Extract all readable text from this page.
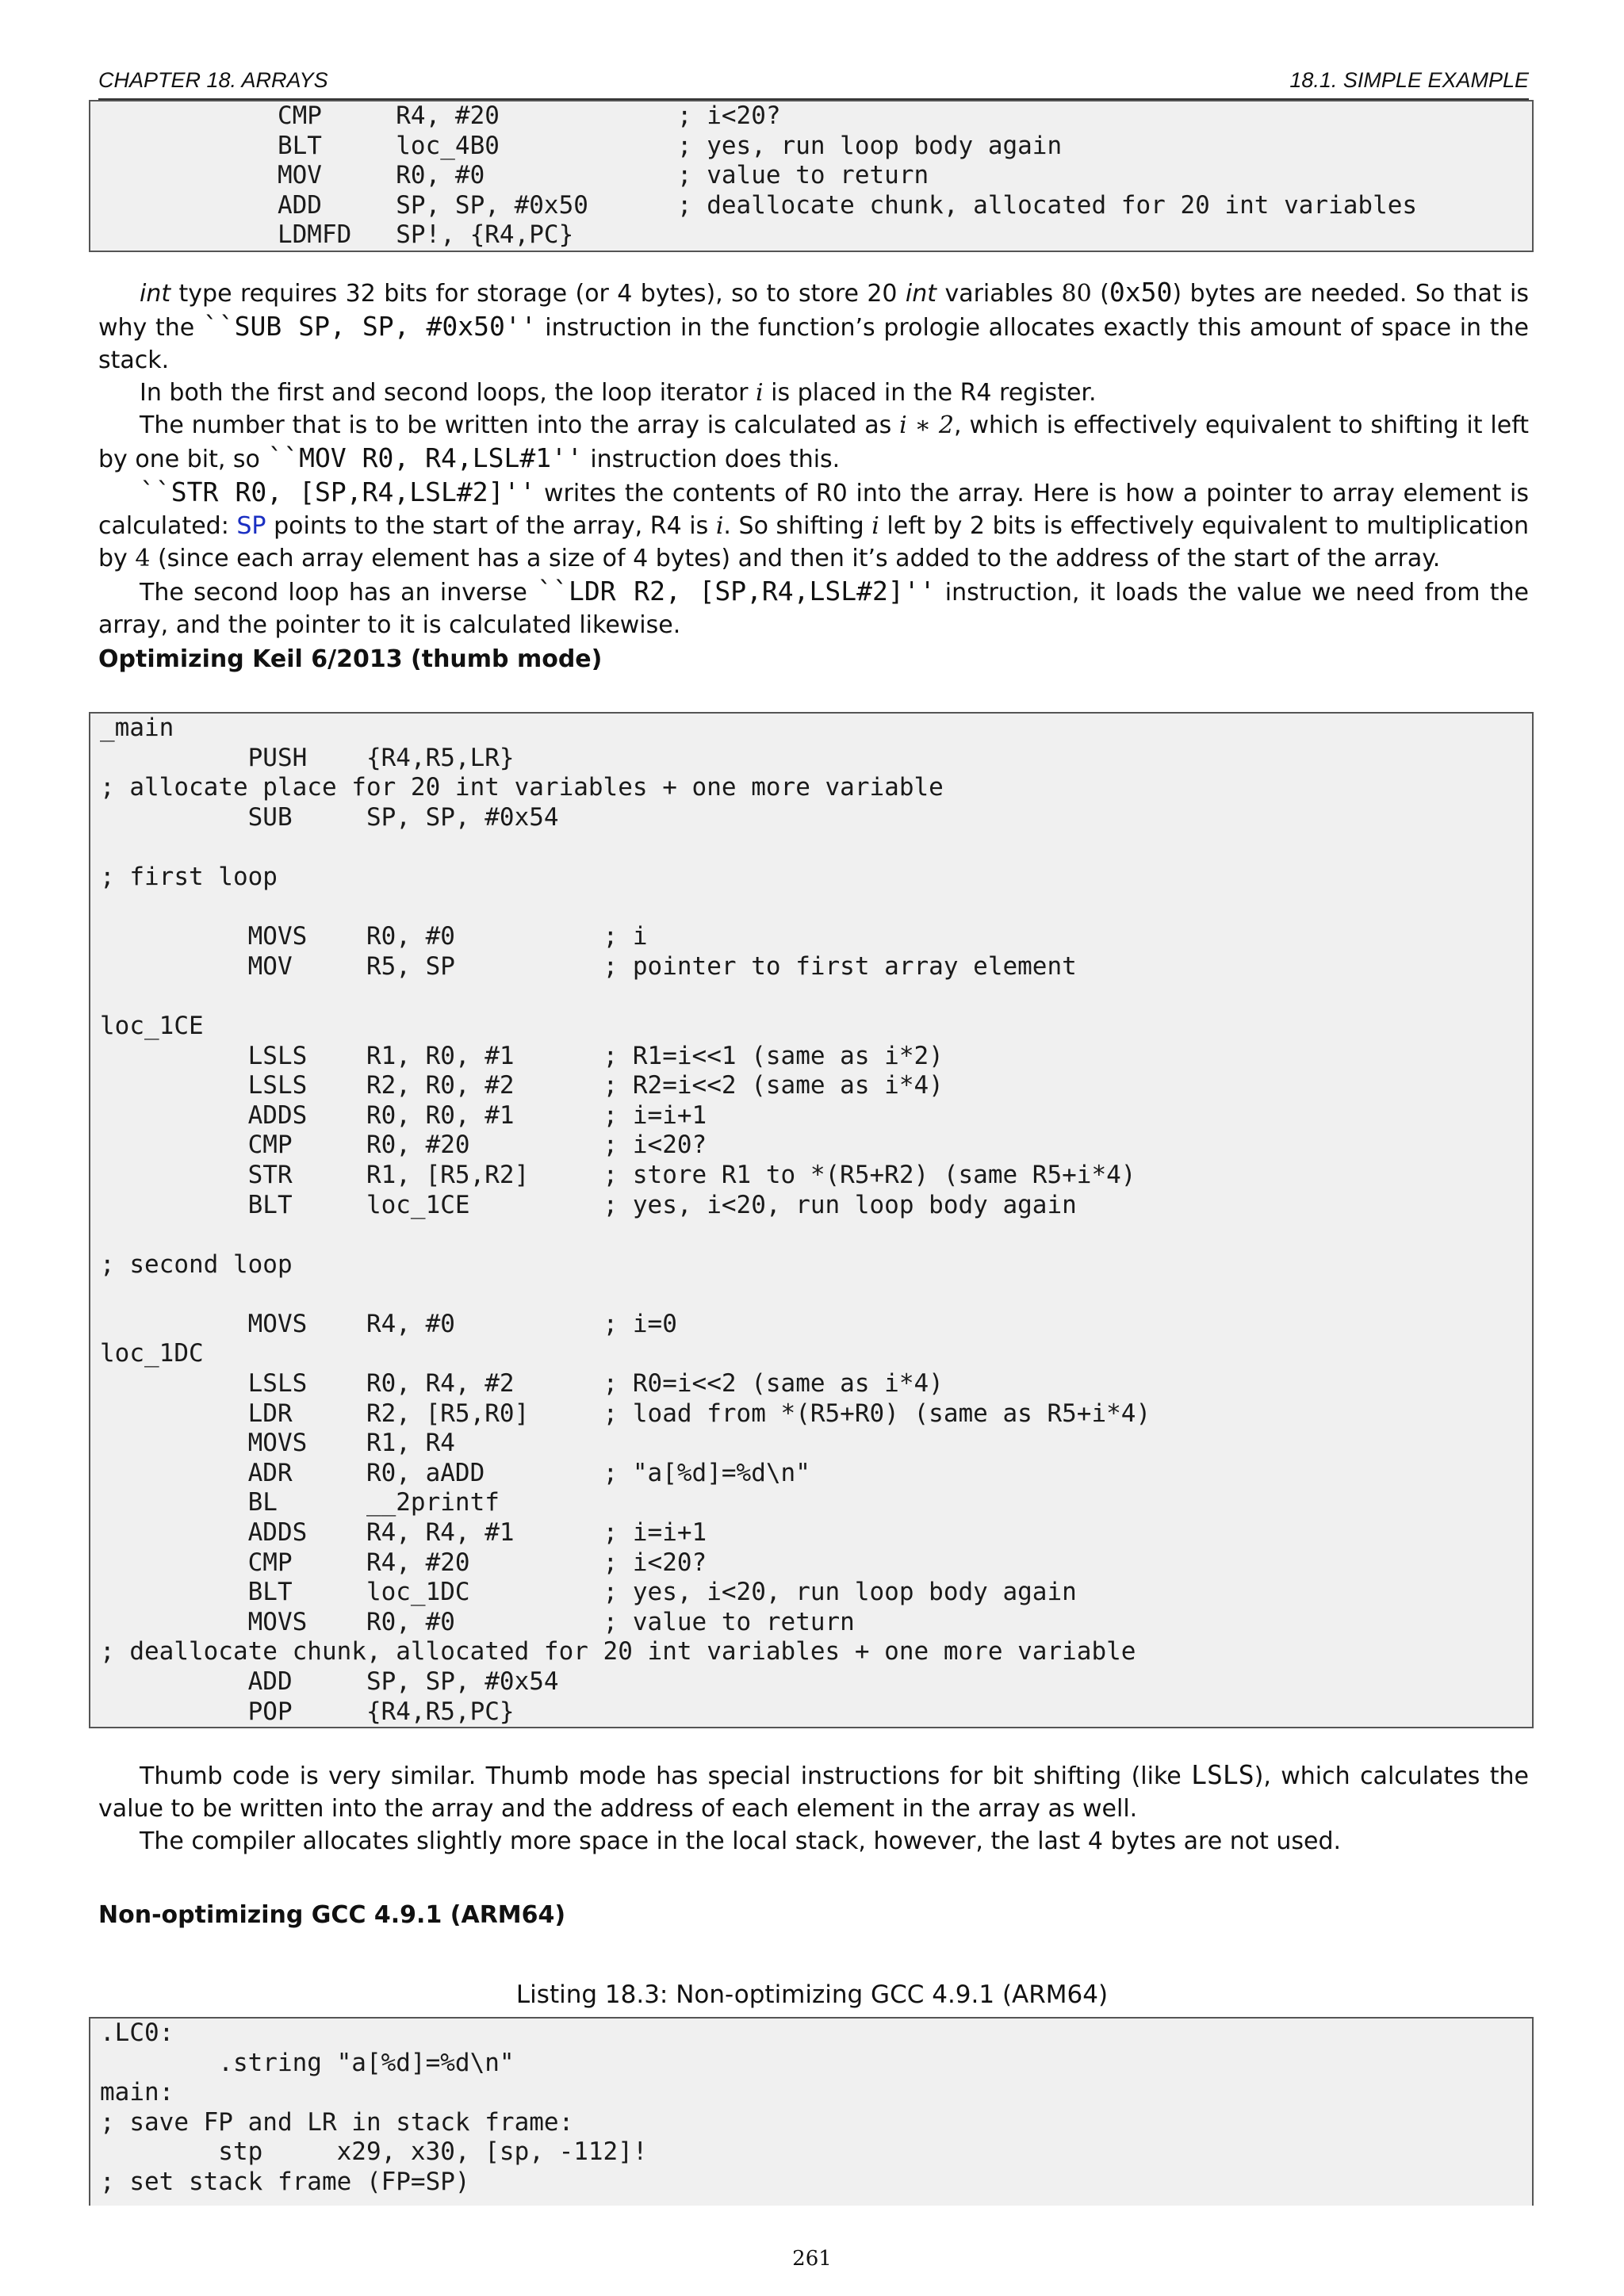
CHAPTER 18. ARRAYS	18.1. SIMPLE EXAMPLE
CMP     R4, #20            ; i<20?
BLT     loc_4B0            ; yes, run loop body again
MOV     R0, #0             ; value to return
ADD     SP, SP, #0x50      ; deallocate chunk, allocated for 20 int variables
LDMFD   SP!, {R4,PC}

int type requires 32 bits for storage (or 4 bytes), so to store 20 int variables 80 (0x50) bytes are needed. So that is why the ``SUB SP, SP, #0x50'' instruction in the function’s prologie allocates exactly this amount of space in the stack.

In both the first and second loops, the loop iterator i is placed in the R4 register.

The number that is to be written into the array is calculated as i ∗ 2, which is effectively equivalent to shifting it left by one bit, so ``MOV R0, R4,LSL#1'' instruction does this.

``STR R0, [SP,R4,LSL#2]'' writes the contents of R0 into the array. Here is how a pointer to array element is calculated: SP points to the start of the array, R4 is i. So shifting i left by 2 bits is effectively equivalent to multiplication by 4 (since each array element has a size of 4 bytes) and then it’s added to the address of the start of the array.

The second loop has an inverse ``LDR R2, [SP,R4,LSL#2]'' instruction, it loads the value we need from the array, and the pointer to it is calculated likewise.

Optimizing Keil 6/2013 (thumb mode)
_main
PUSH    {R4,R5,LR}
; allocate place for 20 int variables + one more variable
SUB     SP, SP, #0x54
; first loop
MOVS    R0, #0          ; i
MOV     R5, SP          ; pointer to first array element
loc_1CE
LSLS    R1, R0, #1      ; R1=i<<1 (same as i*2)
LSLS    R2, R0, #2      ; R2=i<<2 (same as i*4)
ADDS    R0, R0, #1      ; i=i+1
CMP     R0, #20         ; i<20?
STR     R1, [R5,R2]     ; store R1 to *(R5+R2) (same R5+i*4)
BLT     loc_1CE         ; yes, i<20, run loop body again
; second loop
MOVS    R4, #0          ; i=0
loc_1DC
LSLS    R0, R4, #2      ; R0=i<<2 (same as i*4)
LDR     R2, [R5,R0]     ; load from *(R5+R0) (same as R5+i*4)
MOVS    R1, R4
ADR     R0, aADD        ; "a[%d]=%d\n"
BL      __2printf
ADDS    R4, R4, #1      ; i=i+1
CMP     R4, #20         ; i<20?
BLT     loc_1DC         ; yes, i<20, run loop body again
MOVS    R0, #0          ; value to return
; deallocate chunk, allocated for 20 int variables + one more variable
ADD     SP, SP, #0x54
POP     {R4,R5,PC}

Thumb code is very similar. Thumb mode has special instructions for bit shifting (like LSLS), which calculates the value to be written into the array and the address of each element in the array as well.

The compiler allocates slightly more space in the local stack, however, the last 4 bytes are not used.

Non-optimizing GCC 4.9.1 (ARM64)
Listing 18.3: Non-optimizing GCC 4.9.1 (ARM64)
.LC0:
.string "a[%d]=%d\n"
main:
; save FP and LR in stack frame:
stp     x29, x30, [sp, -112]!
; set stack frame (FP=SP)
261
